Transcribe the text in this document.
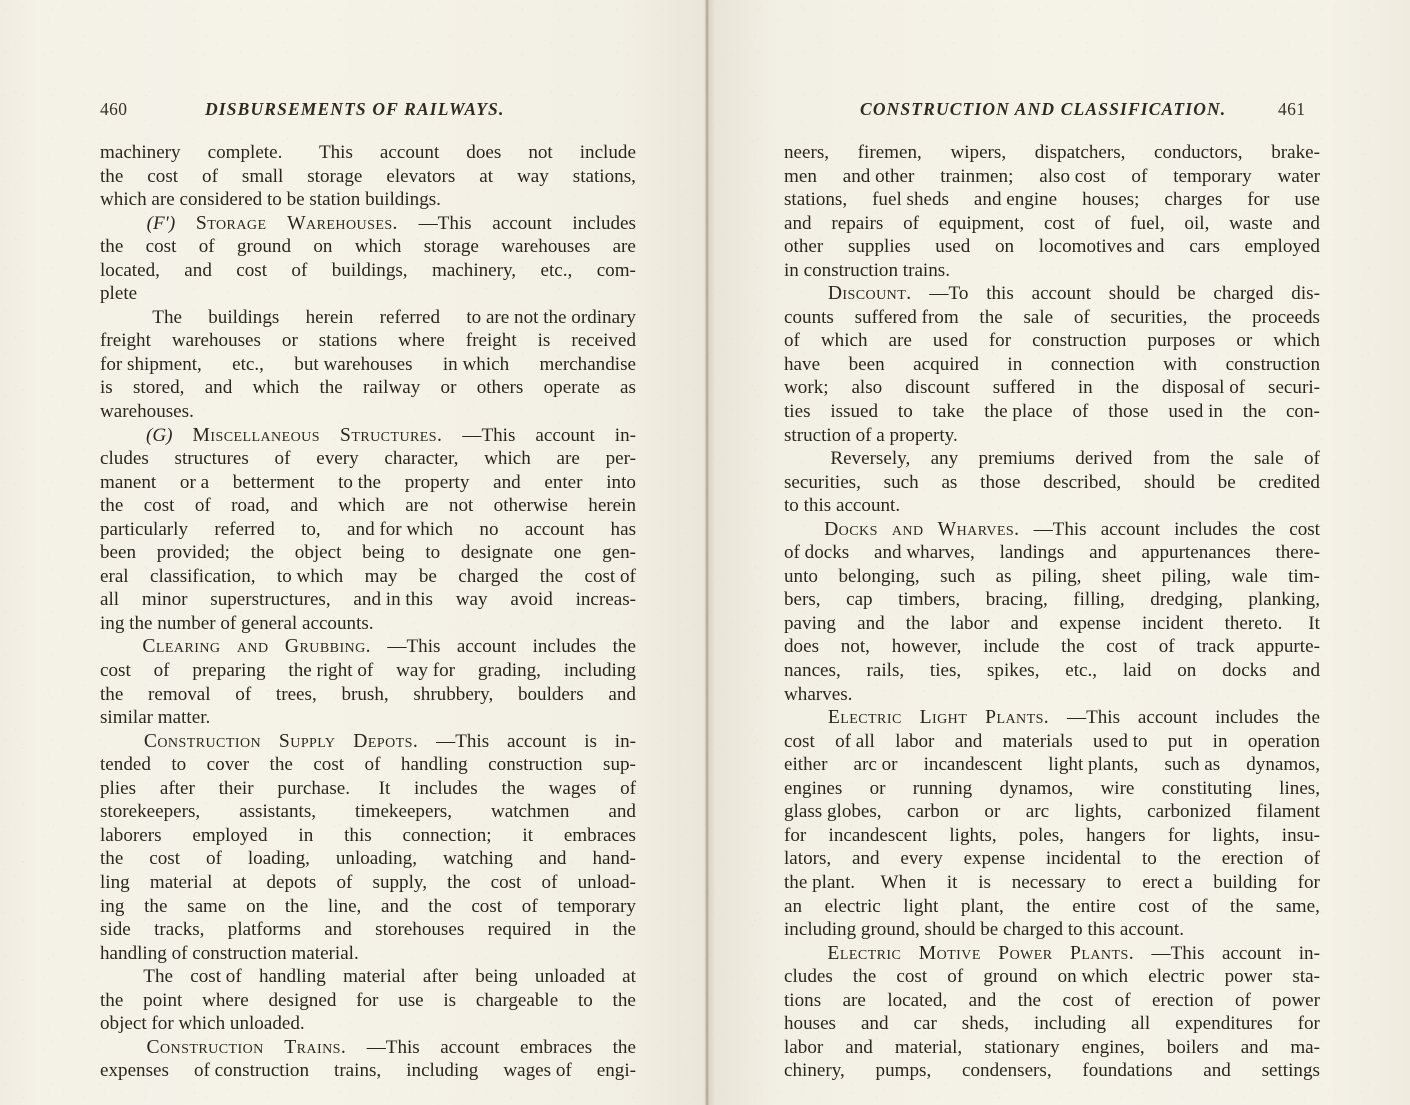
460	DISBURSEMENTS OF RAILWAYS.	CONSTRUCTION AND CLASSIFICATION.	461
machinery complete. This account does not include
the cost of small storage elevators at way stations,
which are considered to be station buildings.
(F′) Storage Warehouses. —This account includes
the cost of ground on which storage warehouses are
located, and cost of buildings, machinery, etc., com-
plete
The buildings herein referred to are not the ordinary
freight warehouses or stations where freight is received
for shipment, etc., but warehouses in which merchandise
is stored, and which the railway or others operate as
warehouses.
(G) Miscellaneous Structures. —This account in-
cludes structures of every character, which are per-
manent or a betterment to the property and enter into
the cost of road, and which are not otherwise herein
particularly referred to, and for which no account has
been provided; the object being to designate one gen-
eral classification, to which may be charged the cost of
all minor superstructures, and in this way avoid increas-
ing the number of general accounts.
Clearing and Grubbing. —This account includes the
cost of preparing the right of way for grading, including
the removal of trees, brush, shrubbery, boulders and
similar matter.
Construction Supply Depots. —This account is in-
tended to cover the cost of handling construction sup-
plies after their purchase. It includes the wages of
storekeepers, assistants, timekeepers, watchmen and
laborers employed in this connection; it embraces
the cost of loading, unloading, watching and hand-
ling material at depots of supply, the cost of unload-
ing the same on the line, and the cost of temporary
side tracks, platforms and storehouses required in the
handling of construction material.
The cost of handling material after being unloaded at
the point where designed for use is chargeable to the
object for which unloaded.
Construction Trains. —This account embraces the
expenses of construction trains, including wages of engi-
neers, firemen, wipers, dispatchers, conductors, brake-
men and other trainmen; also cost of temporary water
stations, fuel sheds and engine houses; charges for use
and repairs of equipment, cost of fuel, oil, waste and
other supplies used on locomotives and cars employed
in construction trains.
Discount. —To this account should be charged dis-
counts suffered from the sale of securities, the proceeds
of which are used for construction purposes or which
have been acquired in connection with construction
work; also discount suffered in the disposal of securi-
ties issued to take the place of those used in the con-
struction of a property.
Reversely, any premiums derived from the sale of
securities, such as those described, should be credited
to this account.
Docks and Wharves. —This account includes the cost
of docks and wharves, landings and appurtenances there-
unto belonging, such as piling, sheet piling, wale tim-
bers, cap timbers, bracing, filling, dredging, planking,
paving and the labor and expense incident thereto. It
does not, however, include the cost of track appurte-
nances, rails, ties, spikes, etc., laid on docks and
wharves.
Electric Light Plants. —This account includes the
cost of all labor and materials used to put in operation
either arc or incandescent light plants, such as dynamos,
engines or running dynamos, wire constituting lines,
glass globes, carbon or arc lights, carbonized filament
for incandescent lights, poles, hangers for lights, insu-
lators, and every expense incidental to the erection of
the plant. When it is necessary to erect a building for
an electric light plant, the entire cost of the same,
including ground, should be charged to this account.
Electric Motive Power Plants. —This account in-
cludes the cost of ground on which electric power sta-
tions are located, and the cost of erection of power
houses and car sheds, including all expenditures for
labor and material, stationary engines, boilers and ma-
chinery, pumps, condensers, foundations and settings
